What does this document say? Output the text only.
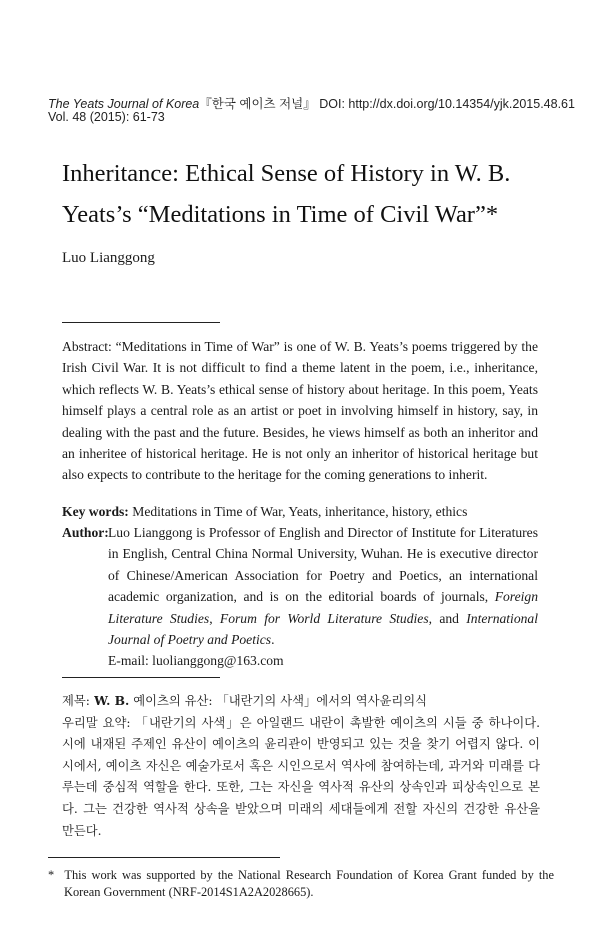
The Yeats Journal of Korea『한국 예이츠 저널』 DOI: http://dx.doi.org/10.14354/yjk.2015.48.61
Vol. 48 (2015): 61-73
Inheritance: Ethical Sense of History in W. B.
Yeats’s “Meditations in Time of Civil War”*
Luo Lianggong
Abstract: “Meditations in Time of War” is one of W. B. Yeats’s poems triggered by the Irish Civil War. It is not difficult to find a theme latent in the poem, i.e., inheritance, which reflects W. B. Yeats’s ethical sense of history about heritage. In this poem, Yeats himself plays a central role as an artist or poet in involving himself in history, say, in dealing with the past and the future. Besides, he views himself as both an inheritor and an inheritee of historical heritage. He is not only an inheritor of historical heritage but also expects to contribute to the heritage for the coming generations to inherit.
Key words: Meditations in Time of War, Yeats, inheritance, history, ethics
Author: Luo Lianggong is Professor of English and Director of Institute for Literatures in English, Central China Normal University, Wuhan. He is executive director of Chinese/American Association for Poetry and Poetics, an international academic organization, and is on the editorial boards of journals, Foreign Literature Studies, Forum for World Literature Studies, and International Journal of Poetry and Poetics.
E-mail: luolianggong@163.com
제목: W. B. 예이츠의 유산: 「내란기의 사색」에서의 역사윤리의식
우리말 요약: 「내란기의 사색」은 아일랜드 내란이 촉발한 예이츠의 시들 중 하나이다. 시에 내재된 주제인 유산이 예이츠의 윤리관이 반영되고 있는 것을 찾기 어렵지 않다. 이 시에서, 예이츠 자신은 예술가로서 혹은 시인으로서 역사에 참여하는데, 과거와 미래를 다루는데 중심적 역할을 한다. 또한, 그는 자신을 역사적 유산의 상속인과 피상속인으로 본다. 그는 건강한 역사적 상속을 받았으며 미래의 세대들에게 전할 자신의 건강한 유산을 만든다.
* This work was supported by the National Research Foundation of Korea Grant funded by the Korean Government (NRF-2014S1A2A2028665).
